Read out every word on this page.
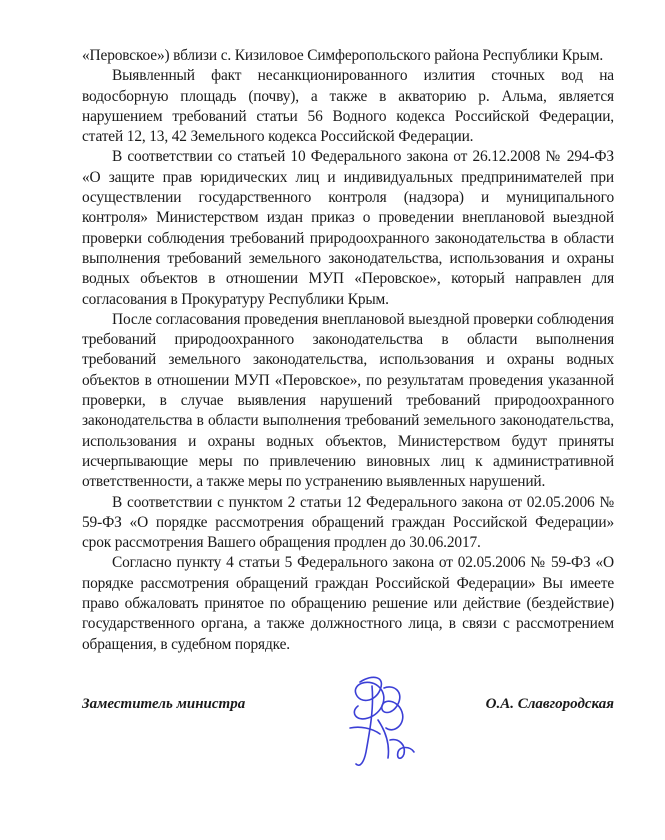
«Перовское») вблизи с. Кизиловое Симферопольского района Республики Крым.

Выявленный факт несанкционированного излития сточных вод на водосборную площадь (почву), а также в акваторию р. Альма, является нарушением требований статьи 56 Водного кодекса Российской Федерации, статей 12, 13, 42 Земельного кодекса Российской Федерации.

В соответствии со статьей 10 Федерального закона от 26.12.2008 № 294-ФЗ «О защите прав юридических лиц и индивидуальных предпринимателей при осуществлении государственного контроля (надзора) и муниципального контроля» Министерством издан приказ о проведении внеплановой выездной проверки соблюдения требований природоохранного законодательства в области выполнения требований земельного законодательства, использования и охраны водных объектов в отношении МУП «Перовское», который направлен для согласования в Прокуратуру Республики Крым.

После согласования проведения внеплановой выездной проверки соблюдения требований природоохранного законодательства в области выполнения требований земельного законодательства, использования и охраны водных объектов в отношении МУП «Перовское», по результатам проведения указанной проверки, в случае выявления нарушений требований природоохранного законодательства в области выполнения требований земельного законодательства, использования и охраны водных объектов, Министерством будут приняты исчерпывающие меры по привлечению виновных лиц к административной ответственности, а также меры по устранению выявленных нарушений.

В соответствии с пунктом 2 статьи 12 Федерального закона от 02.05.2006 № 59-ФЗ «О порядке рассмотрения обращений граждан Российской Федерации» срок рассмотрения Вашего обращения продлен до 30.06.2017.

Согласно пункту 4 статьи 5 Федерального закона от 02.05.2006 № 59-ФЗ «О порядке рассмотрения обращений граждан Российской Федерации» Вы имеете право обжаловать принятое по обращению решение или действие (бездействие) государственного органа, а также должностного лица, в связи с рассмотрением обращения, в судебном порядке.

Заместитель министра	О.А. Славгородская
